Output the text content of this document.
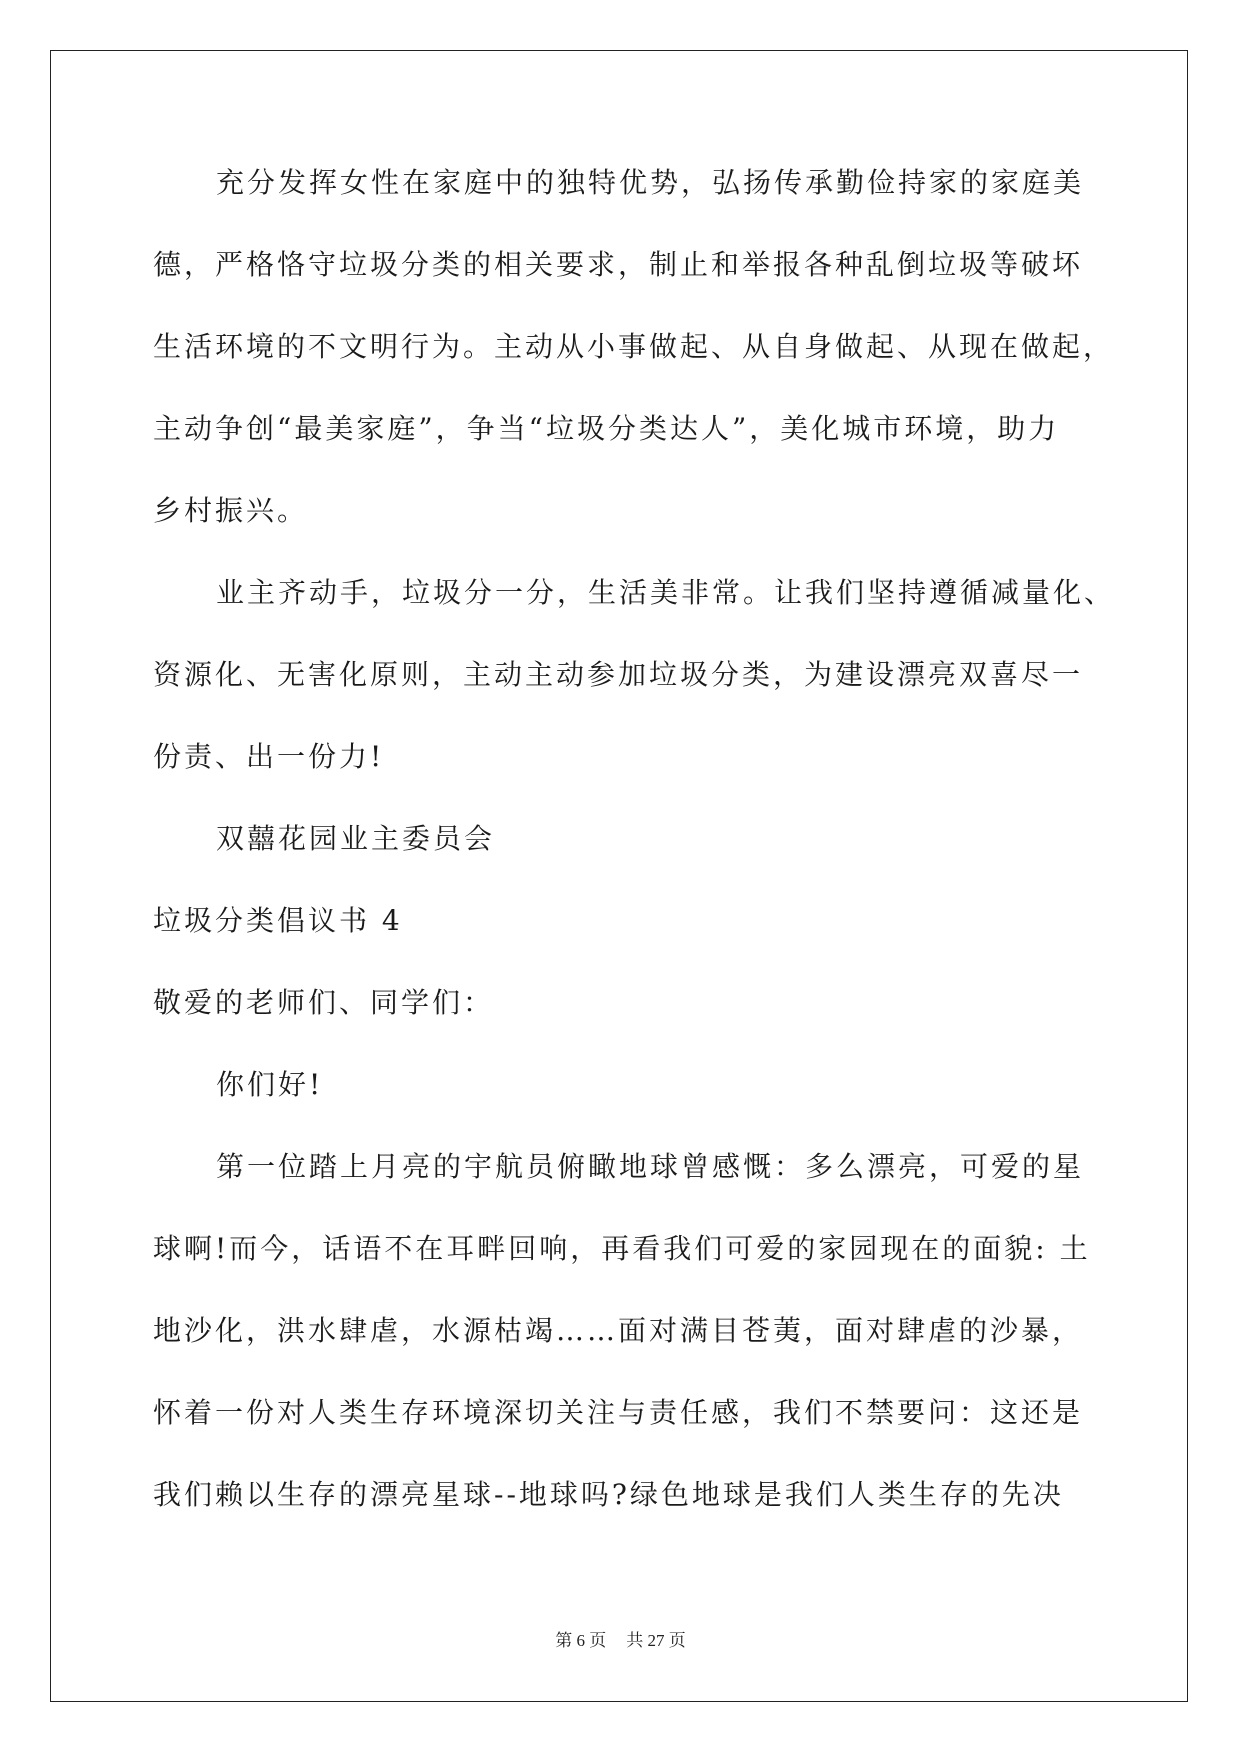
充分发挥女性在家庭中的独特优势，弘扬传承勤俭持家的家庭美
德，严格恪守垃圾分类的相关要求，制止和举报各种乱倒垃圾等破坏
生活环境的不文明行为。主动从小事做起、从自身做起、从现在做起，
主动争创“最美家庭”，争当“垃圾分类达人”，美化城市环境，助力
乡村振兴。
业主齐动手，垃圾分一分，生活美非常。让我们坚持遵循减量化、
资源化、无害化原则，主动主动参加垃圾分类，为建设漂亮双喜尽一
份责、出一份力!
双囍花园业主委员会
垃圾分类倡议书 4
敬爱的老师们、同学们：
你们好!
第一位踏上月亮的宇航员俯瞰地球曾感慨：多么漂亮，可爱的星
球啊!而今，话语不在耳畔回响，再看我们可爱的家园现在的面貌: 土
地沙化，洪水肆虐，水源枯竭……面对满目苍荑，面对肆虐的沙暴，
怀着一份对人类生存环境深切关注与责任感，我们不禁要问：这还是
我们赖以生存的漂亮星球--地球吗?绿色地球是我们人类生存的先决
第 6 页 共 27 页
